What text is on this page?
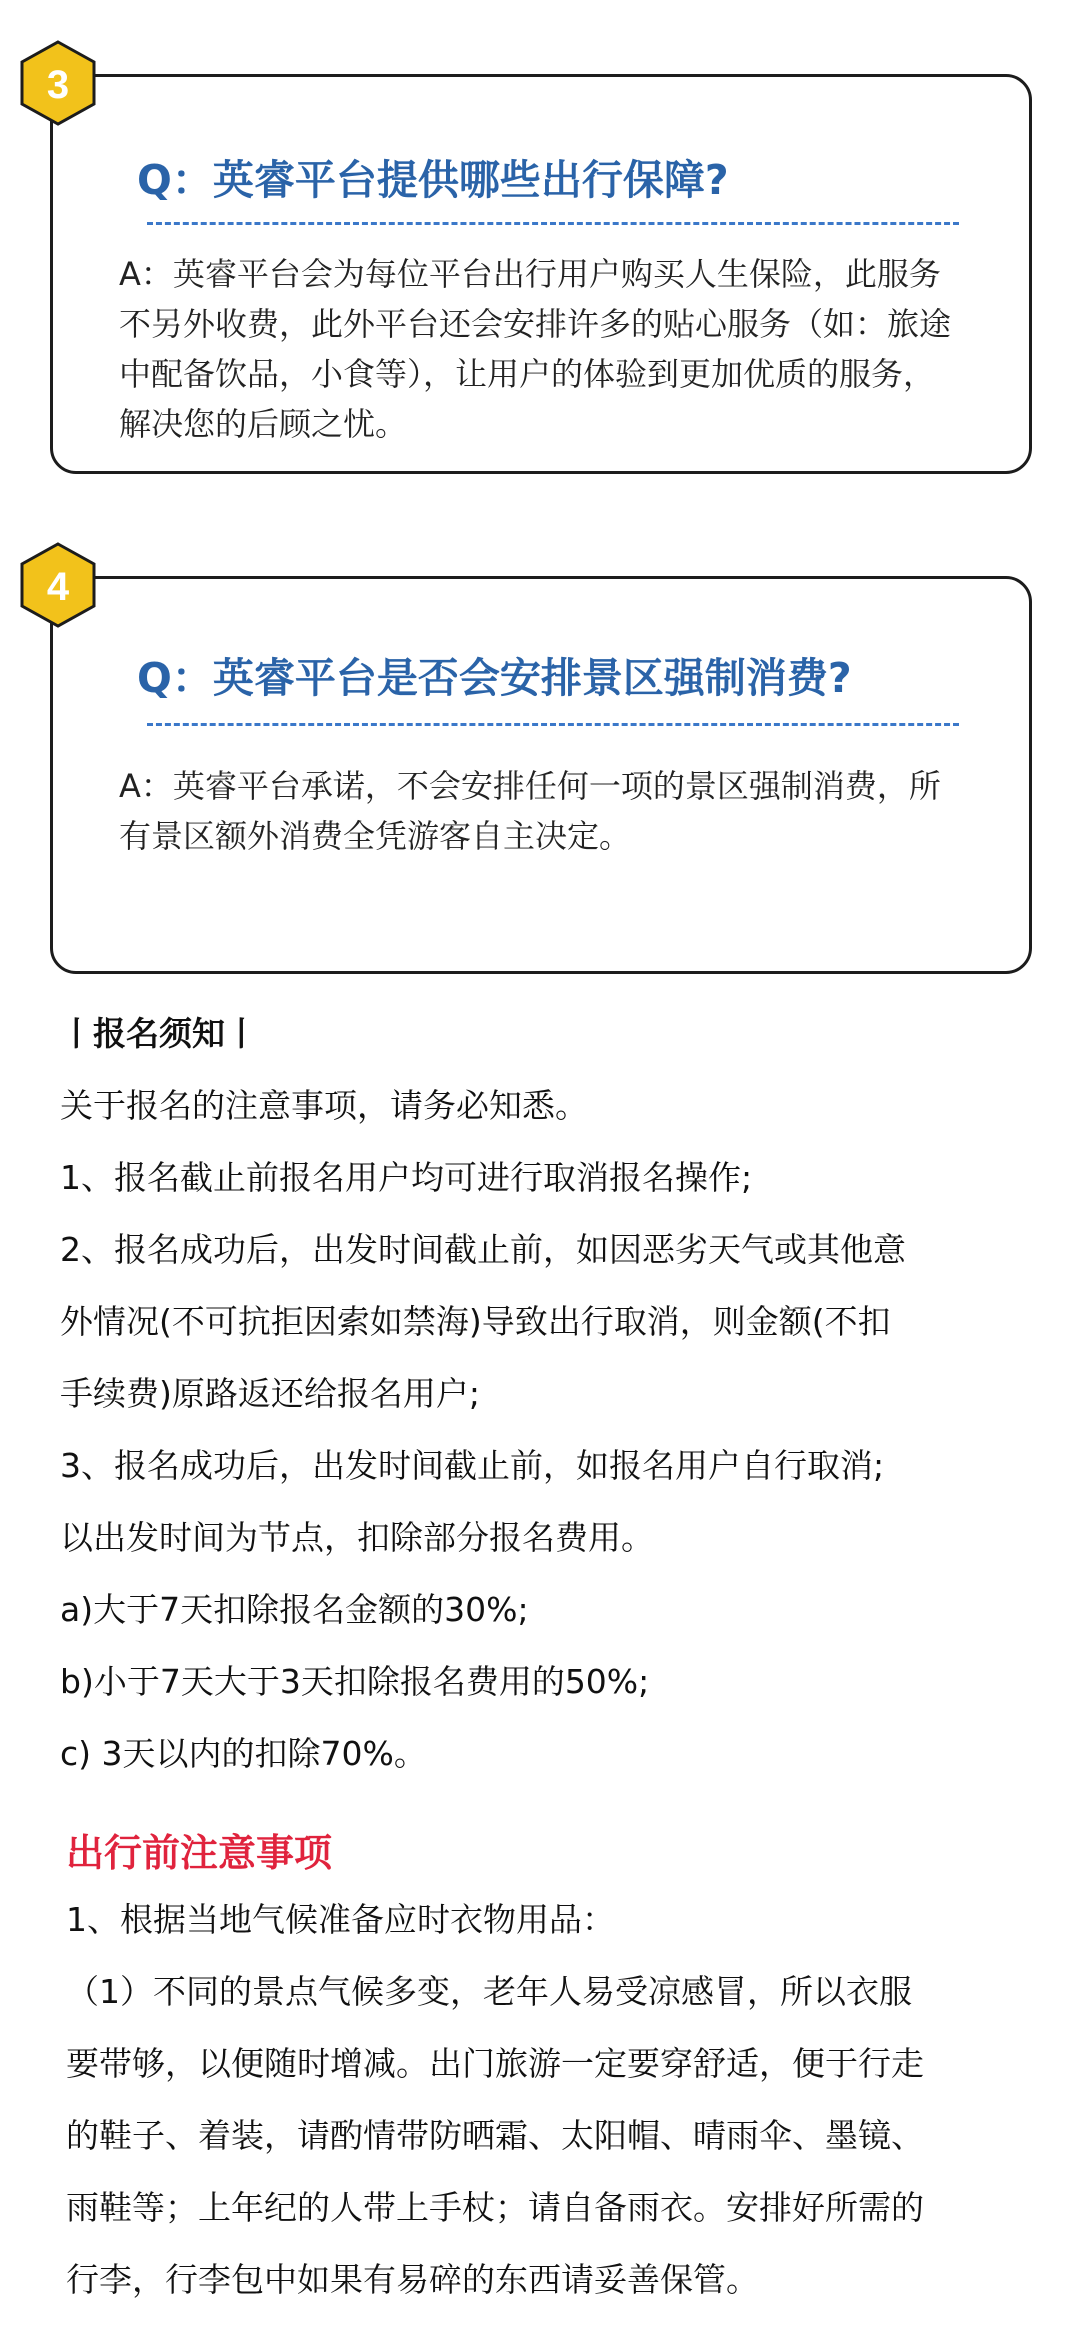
Q：英睿平台提供哪些出行保障?
A：英睿平台会为每位平台出行用户购买人生保险，此服务
不另外收费，此外平台还会安排许多的贴心服务（如：旅途
中配备饮品，小食等），让用户的体验到更加优质的服务，
解决您的后顾之忧。
3
Q：英睿平台是否会安排景区强制消费?
A：英睿平台承诺，不会安排任何一项的景区强制消费，所
有景区额外消费全凭游客自主决定。
4
丨报名须知丨
关于报名的注意事项，请务必知悉。
1、报名截止前报名用户均可进行取消报名操作;
2、报名成功后，出发时间截止前，如因恶劣天气或其他意
外情况(不可抗拒因索如禁海)导致出行取消，则金额(不扣
手续费)原路返还给报名用户;
3、报名成功后，出发时间截止前，如报名用户自行取消;
以出发时间为节点，扣除部分报名费用。
a)大于7天扣除报名金额的30%;
b)小于7天大于3天扣除报名费用的50%;
c) 3天以内的扣除70%。
出行前注意事项
1、根据当地气候准备应时衣物用品：
（1）不同的景点气候多变，老年人易受凉感冒，所以衣服
要带够，以便随时增减。出门旅游一定要穿舒适，便于行走
的鞋子、着装，请酌情带防晒霜、太阳帽、晴雨伞、墨镜、
雨鞋等；上年纪的人带上手杖；请自备雨衣。安排好所需的
行李，行李包中如果有易碎的东西请妥善保管。
